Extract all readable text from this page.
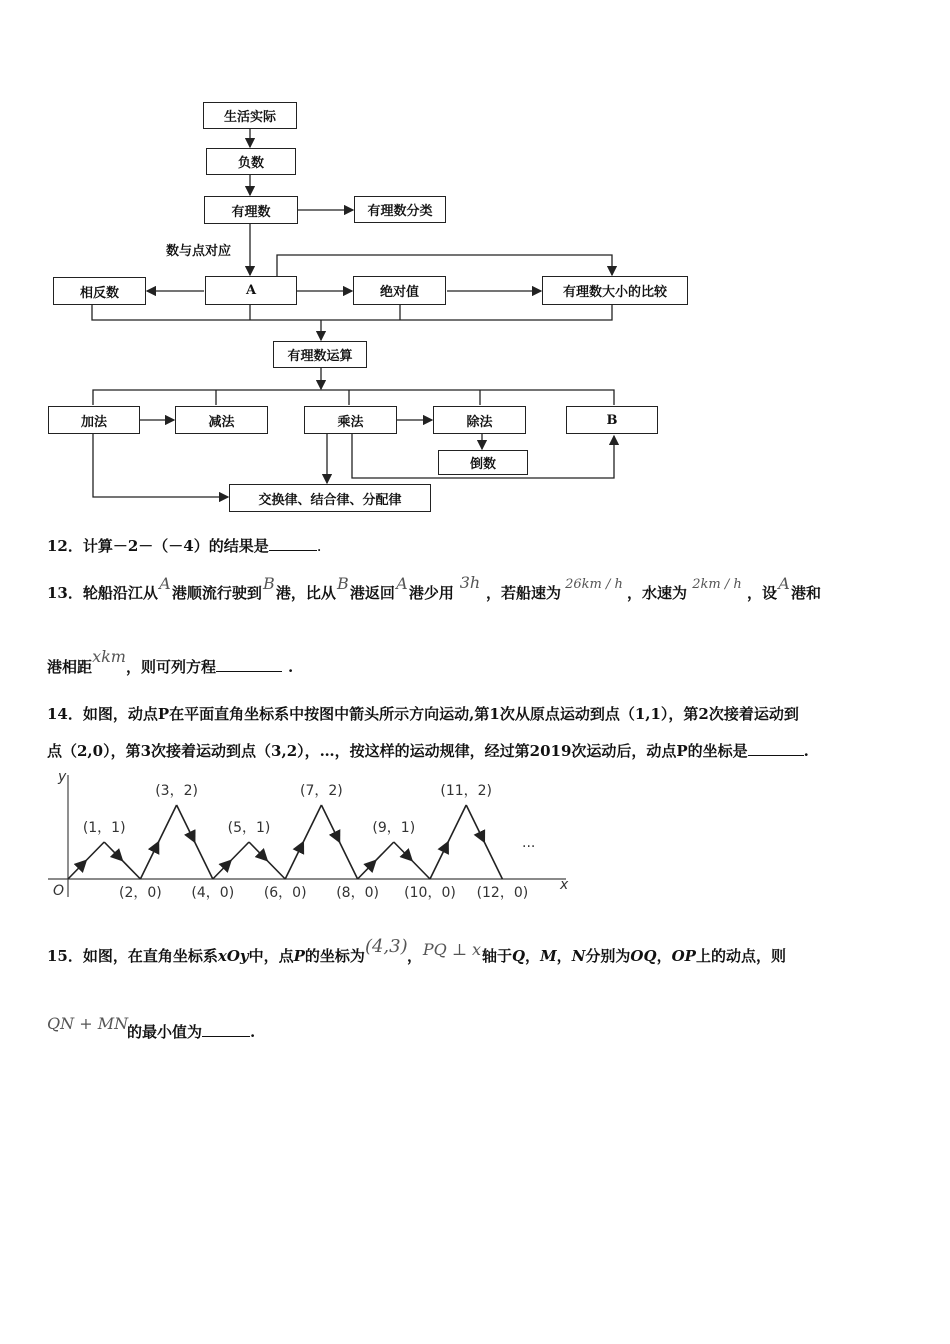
生活实际
负数
有理数	有理数分类
数与点对应
相反数	A	绝对值	有理数大小的比较
有理数运算
加法	减法	乘法	除法	B
倒数
交换律、结合律、分配律
12．计算－2－（－4）的结果是	.
13．轮船沿江从A港顺流行驶到B港，比从B港返回A港少用3h，若船速为 26km / h ，水速为 2km / h ，设A港和
港相距xkm，则可列方程	.
14．如图，动点P在平面直角坐标系中按图中箭头所示方向运动,第1次从原点运动到点（1,1），第2次接着运动到
点（2,0），第3次接着运动到点（3,2），…，按这样的运动规律，经过第2019次运动后，动点P的坐标是	.
y
x
O
···
(1，1)
(2，0)
(3，2)
(4，0)
(5，1)
(6，0)
(7，2)
(8，0)
(9，1)
(10，0)
(11，2)
(12，0)
15．如图，在直角坐标系xOy中，点P的坐标为(4,3)，PQ ⊥ x轴于Q，M，N分别为OQ，OP上的动点，则
QN + MN的最小值为	.
